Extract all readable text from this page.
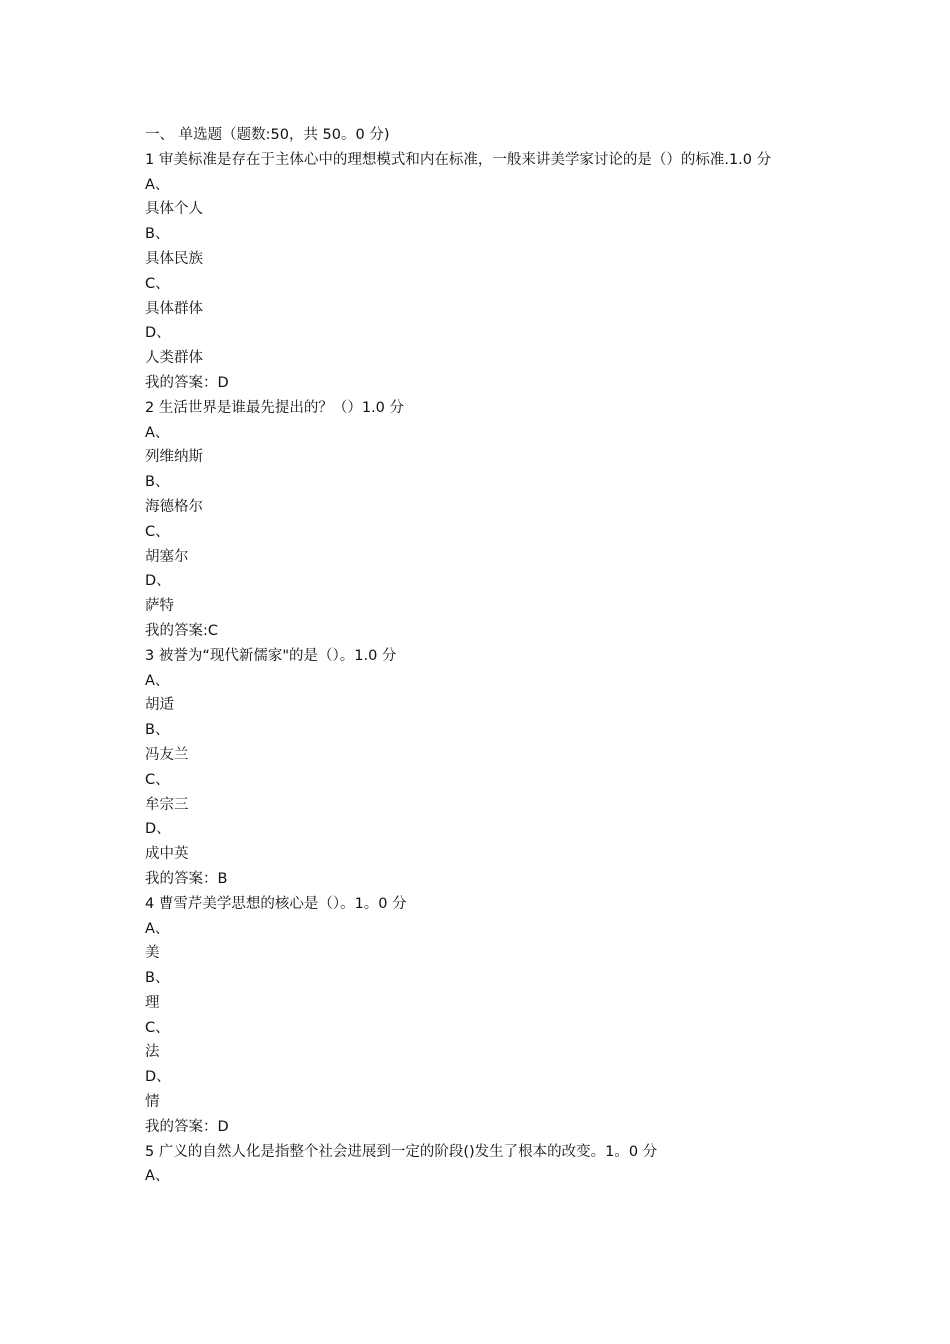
一、 单选题（题数:50，共 50。0 分)
1 审美标准是存在于主体心中的理想模式和内在标准，一般来讲美学家讨论的是（）的标准.1.0 分
A、
具体个人
B、
具体民族
C、
具体群体
D、
人类群体
我的答案：D
2 生活世界是谁最先提出的？（）1.0 分
A、
列维纳斯
B、
海德格尔
C、
胡塞尔
D、
萨特
我的答案:C
3 被誉为“现代新儒家"的是（）。1.0 分
A、
胡适
B、
冯友兰
C、
牟宗三
D、
成中英
我的答案：B
4 曹雪芹美学思想的核心是（）。1。0 分
A、
美
B、
理
C、
法
D、
情
我的答案：D
5 广义的自然人化是指整个社会进展到一定的阶段()发生了根本的改变。1。0 分
A、
